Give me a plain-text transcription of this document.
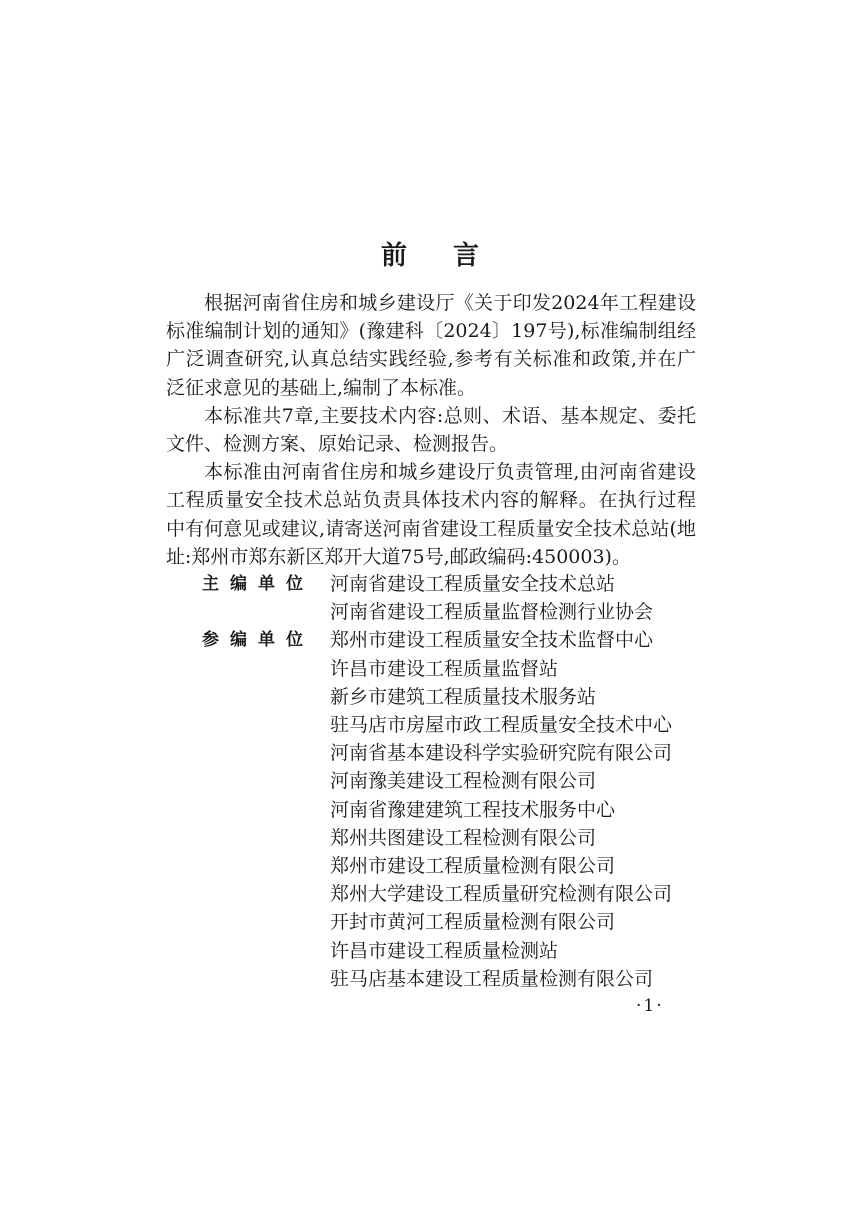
前言

根据河南省住房和城乡建设厅《关于印发2024年工程建设标准编制计划的通知》(豫建科〔2024〕197号),标准编制组经广泛调查研究,认真总结实践经验,参考有关标准和政策,并在广泛征求意见的基础上,编制了本标准。

本标准共7章,主要技术内容:总则、术语、基本规定、委托文件、检测方案、原始记录、检测报告。

本标准由河南省住房和城乡建设厅负责管理,由河南省建设工程质量安全技术总站负责具体技术内容的解释。在执行过程中有何意见或建议,请寄送河南省建设工程质量安全技术总站(地址:郑州市郑东新区郑开大道75号,邮政编码:450003)。

主编单位 河南省建设工程质量安全技术总站
河南省建设工程质量监督检测行业协会
参编单位 郑州市建设工程质量安全技术监督中心
许昌市建设工程质量监督站
新乡市建筑工程质量技术服务站
驻马店市房屋市政工程质量安全技术中心
河南省基本建设科学实验研究院有限公司
河南豫美建设工程检测有限公司
河南省豫建建筑工程技术服务中心
郑州共图建设工程检测有限公司
郑州市建设工程质量检测有限公司
郑州大学建设工程质量研究检测有限公司
开封市黄河工程质量检测有限公司
许昌市建设工程质量检测站
驻马店基本建设工程质量检测有限公司
·1·
